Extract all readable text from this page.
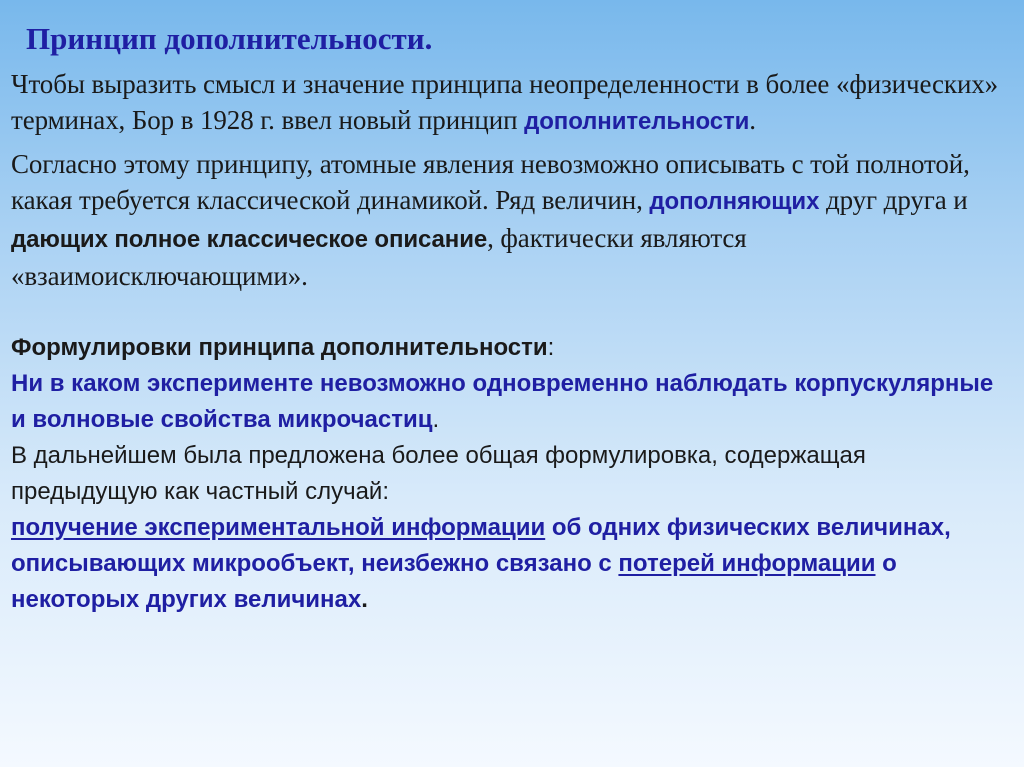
Принцип дополнительности.

Чтобы выразить смысл и значение принципа неопределенности в более «физических» терминах, Бор в 1928 г. ввел новый принцип дополнительности.

Согласно этому принципу, атомные явления невозможно описывать с той полнотой, какая требуется классической динамикой. Ряд величин, дополняющих друг друга и дающих полное классическое описание, фактически являются «взаимоисключающими».

Формулировки принципа дополнительности:

Ни в каком эксперименте невозможно одновременно наблюдать корпускулярные и волновые свойства микрочастиц.

В дальнейшем была предложена более общая формулировка, содержащая предыдущую как частный случай:

получение экспериментальной информации об одних физических величинах, описывающих микрообъект, неизбежно связано с потерей информации о некоторых других величинах.
